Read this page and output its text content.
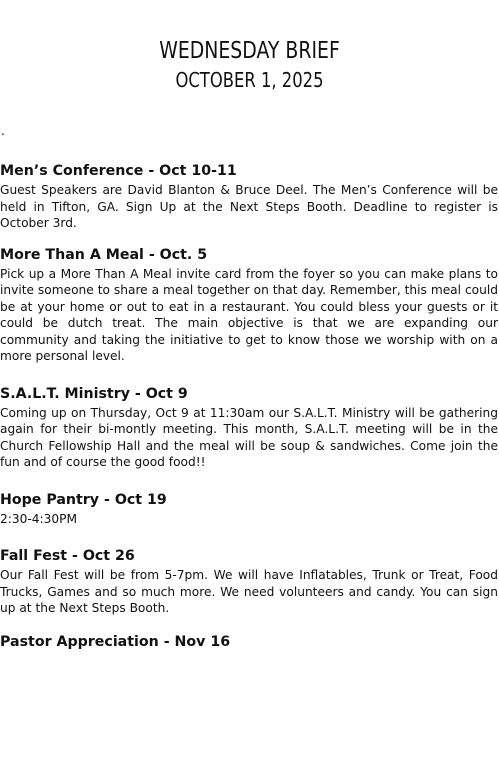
WEDNESDAY BRIEF
OCTOBER 1, 2025
.
Men’s Conference - Oct 10-11

Guest Speakers are David Blanton & Bruce Deel. The Men’s Conference will be held in Tifton, GA. Sign Up at the Next Steps Booth. Deadline to register is October 3rd.

More Than A Meal - Oct. 5

Pick up a More Than A Meal invite card from the foyer so you can make plans to invite someone to share a meal together on that day. Remember, this meal could be at your home or out to eat in a restaurant. You could bless your guests or it could be dutch treat. The main objective is that we are expanding our community and taking the initiative to get to know those we worship with on a more personal level.

S.A.L.T. Ministry - Oct 9

Coming up on Thursday, Oct 9 at 11:30am our S.A.L.T. Ministry will be gathering again for their bi-montly meeting. This month, S.A.L.T. meeting will be in the Church Fellowship Hall and the meal will be soup & sandwiches. Come join the fun and of course the good food!!

Hope Pantry - Oct 19

2:30-4:30PM

Fall Fest - Oct 26

Our Fall Fest will be from 5-7pm. We will have Inflatables, Trunk or Treat, Food Trucks, Games and so much more. We need volunteers and candy. You can sign up at the Next Steps Booth.

Pastor Appreciation - Nov 16
